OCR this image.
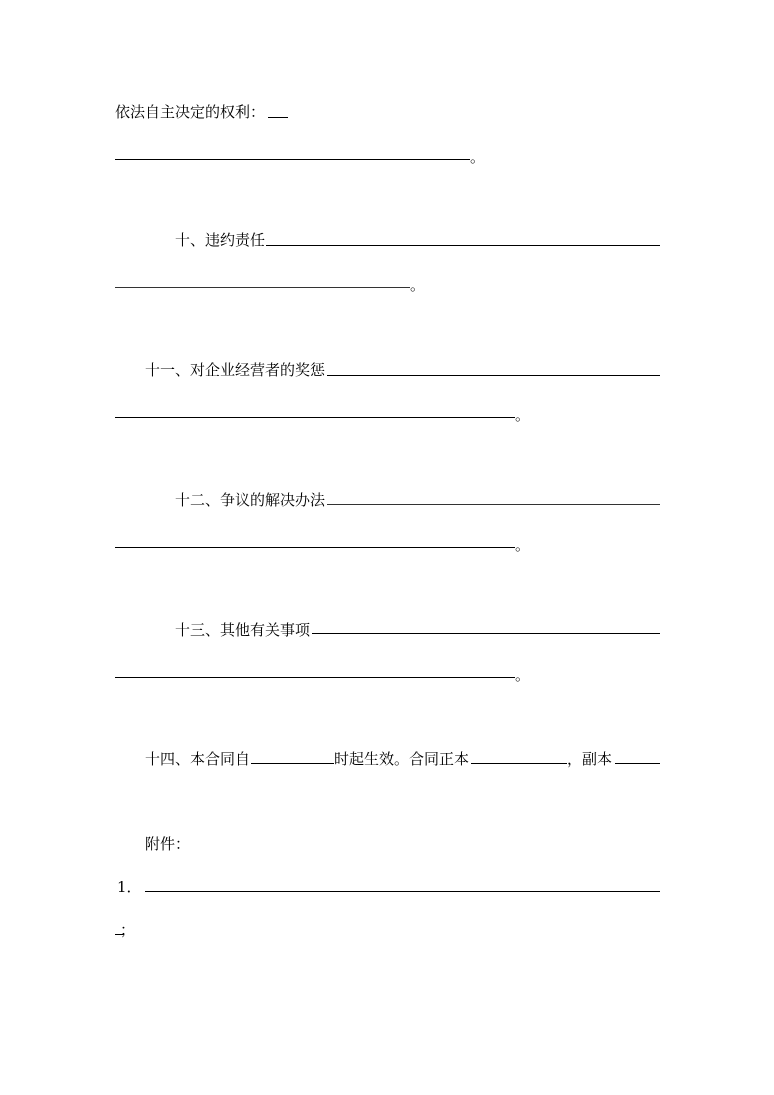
依法自主决定的权利：
。
十、违约责任
。
十一、对企业经营者的奖惩
。
十二、争议的解决办法
。
十三、其他有关事项
。
十四、本合同自	时起生效。合同正本	，副本
附件：
1．
；
